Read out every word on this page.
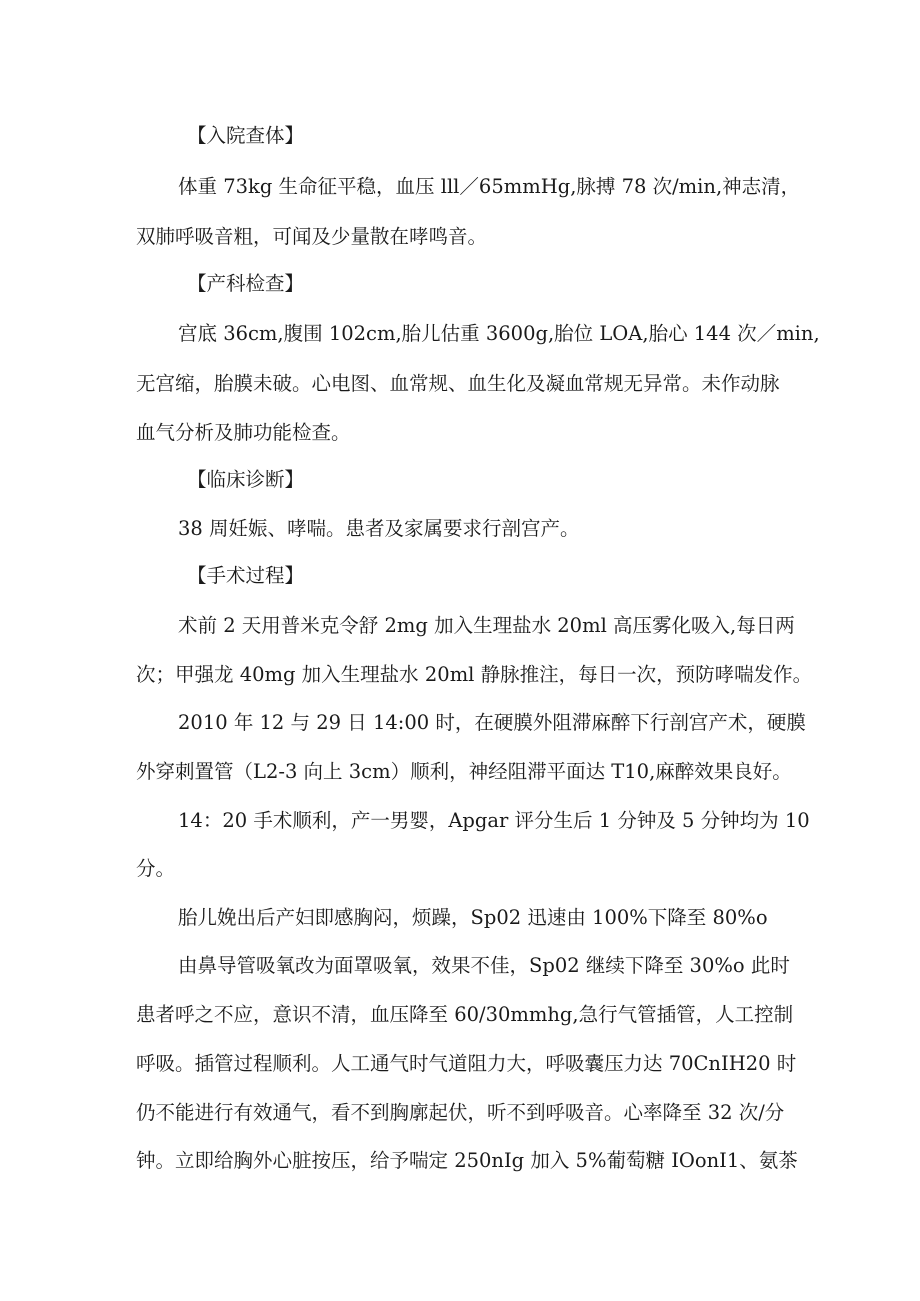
【入院查体】
体重 73kg 生命征平稳，血压 lll／65mmHg,脉搏 78 次/min,神志清，
双肺呼吸音粗，可闻及少量散在哮鸣音。
【产科检查】
宫底 36cm,腹围 102cm,胎儿估重 3600g,胎位 LOA,胎心 144 次／min,
无宫缩，胎膜未破。心电图、血常规、血生化及凝血常规无异常。未作动脉
血气分析及肺功能检查。
【临床诊断】
38 周妊娠、哮喘。患者及家属要求行剖宫产。
【手术过程】
术前 2 天用普米克令舒 2mg 加入生理盐水 20ml 高压雾化吸入,每日两
次；甲强龙 40mg 加入生理盐水 20ml 静脉推注，每日一次，预防哮喘发作。
2010 年 12 与 29 日 14:00 时，在硬膜外阻滞麻醉下行剖宫产术，硬膜
外穿刺置管（L2-3 向上 3cm）顺利，神经阻滞平面达 T10,麻醉效果良好。
14：20 手术顺利，产一男婴，Apgar 评分生后 1 分钟及 5 分钟均为 10
分。
胎儿娩出后产妇即感胸闷，烦躁，Sp02 迅速由 100%下降至 80%o
由鼻导管吸氧改为面罩吸氧，效果不佳，Sp02 继续下降至 30%o 此时
患者呼之不应，意识不清，血压降至 60/30mmhg,急行气管插管，人工控制
呼吸。插管过程顺利。人工通气时气道阻力大，呼吸囊压力达 70CnIH20 时
仍不能进行有效通气，看不到胸廓起伏，听不到呼吸音。心率降至 32 次/分
钟。立即给胸外心脏按压，给予喘定 250nIg 加入 5%葡萄糖 IOonI1、氨茶
